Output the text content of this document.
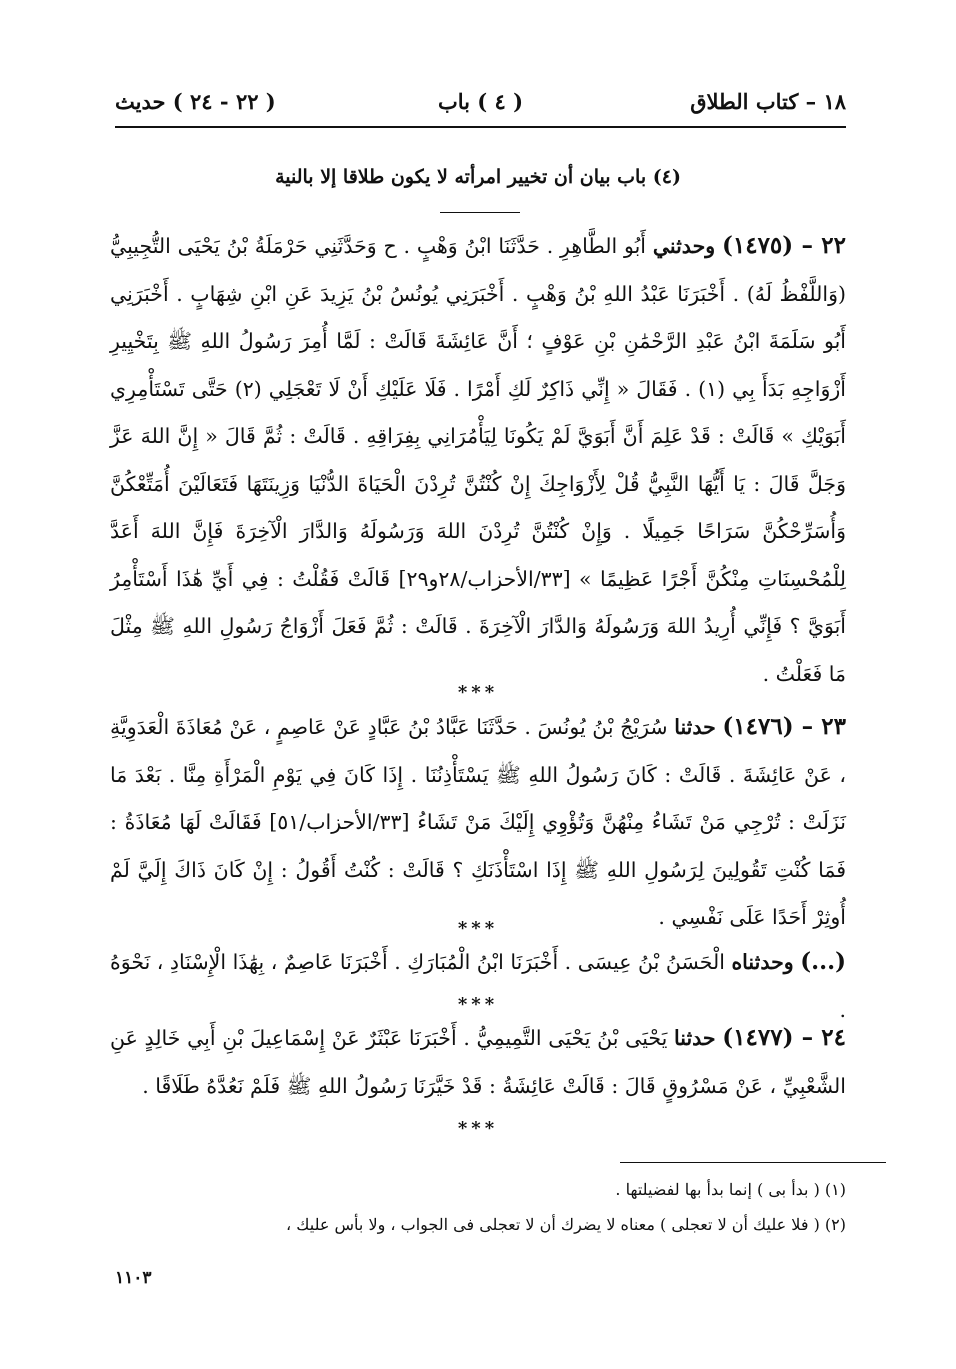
١٨ – كتاب الطلاق
( ٤ ) باب
( ٢٢ - ٢٤ ) حديث
(٤) باب بيان أن تخيير امرأته لا يكون طلاقا إلا بالنية
٢٢ – (١٤٧٥) وحدثني أَبُو الطَّاهِرِ . حَدَّثَنَا ابْنُ وَهْبٍ . ح وَحَدَّثَنِي حَرْمَلَةُ بْنُ يَحْيَى التُّجِيبِيُّ (وَاللَّفْظُ لَهُ) . أَخْبَرَنَا عَبْدُ اللهِ بْنُ وَهْبٍ . أَخْبَرَنِي يُونُسُ بْنُ يَزِيدَ عَنِ ابْنِ شِهَابٍ . أَخْبَرَنِي أَبُو سَلَمَةَ ابْنُ عَبْدِ الرَّحْمَٰنِ بْنِ عَوْفٍ ؛ أَنَّ عَائِشَةَ قَالَتْ : لَمَّا أُمِرَ رَسُولُ اللهِ ﷺ بِتَخْيِيرِ أَزْوَاجِهِ بَدَأَ بِي (١) . فَقَالَ « إِنِّي ذَاكِرٌ لَكِ أَمْرًا . فَلَا عَلَيْكِ أَنْ لَا تَعْجَلِي (٢) حَتَّى تَسْتَأْمِرِي أَبَوَيْكِ » قَالَتْ : قَدْ عَلِمَ أَنَّ أَبَوَيَّ لَمْ يَكُونَا لِيَأْمُرَانِي بِفِرَاقِهِ . قَالَتْ : ثُمَّ قَالَ « إِنَّ اللهَ عَزَّ وَجَلَّ قَالَ : يَا أَيُّهَا النَّبِيُّ قُلْ لِأَزْوَاجِكَ إِنْ كُنْتُنَّ تُرِدْنَ الْحَيَاةَ الدُّنْيَا وَزِينَتَهَا فَتَعَالَيْنَ أُمَتِّعْكُنَّ وَأُسَرِّحْكُنَّ سَرَاحًا جَمِيلًا . وَإِنْ كُنْتُنَّ تُرِدْنَ اللهَ وَرَسُولَهُ وَالدَّارَ الْآخِرَةَ فَإِنَّ اللهَ أَعَدَّ لِلْمُحْسِنَاتِ مِنْكُنَّ أَجْرًا عَظِيمًا » [٣٣/الأحزاب/٢٨و٢٩] قَالَتْ فَقُلْتُ : فِي أَيِّ هَٰذَا أَسْتَأْمِرُ أَبَوَيَّ ؟ فَإِنِّي أُرِيدُ اللهَ وَرَسُولَهُ وَالدَّارَ الْآخِرَةَ . قَالَتْ : ثُمَّ فَعَلَ أَزْوَاجُ رَسُولِ اللهِ ﷺ مِثْلَ مَا فَعَلْتُ .
***
٢٣ – (١٤٧٦) حدثنا سُرَيْجُ بْنُ يُونُسَ . حَدَّثَنَا عَبَّادُ بْنُ عَبَّادٍ عَنْ عَاصِمٍ ، عَنْ مُعَاذَةَ الْعَدَوِيَّةِ ، عَنْ عَائِشَةَ . قَالَتْ : كَانَ رَسُولُ اللهِ ﷺ يَسْتَأْذِنُنَا . إِذَا كَانَ فِي يَوْمِ الْمَرْأَةِ مِنَّا . بَعْدَ مَا نَزَلَتْ : تُرْجِي مَنْ تَشَاءُ مِنْهُنَّ وَتُؤْوِي إِلَيْكَ مَنْ تَشَاءُ [٣٣/الأحزاب/٥١] فَقَالَتْ لَهَا مُعَاذَةُ : فَمَا كُنْتِ تَقُولِينَ لِرَسُولِ اللهِ ﷺ إِذَا اسْتَأْذَنَكِ ؟ قَالَتْ : كُنْتُ أَقُولُ : إِنْ كَانَ ذَاكَ إِلَيَّ لَمْ أُوثِرْ أَحَدًا عَلَى نَفْسِي .
***
(...) وحدثناه الْحَسَنُ بْنُ عِيسَى . أَخْبَرَنَا ابْنُ الْمُبَارَكِ . أَخْبَرَنَا عَاصِمٌ ، بِهَٰذَا الْإِسْنَادِ ، نَحْوَهُ .
***
٢٤ – (١٤٧٧) حدثنا يَحْيَى بْنُ يَحْيَى التَّمِيمِيُّ . أَخْبَرَنَا عَبْثَرٌ عَنْ إِسْمَاعِيلَ بْنِ أَبِي خَالِدٍ عَنِ الشَّعْبِيِّ ، عَنْ مَسْرُوقٍ قَالَ : قَالَتْ عَائِشَةُ : قَدْ خَيَّرَنَا رَسُولُ اللهِ ﷺ فَلَمْ نَعُدَّهُ طَلَاقًا .
***

(١) ( بدأ بى ) إنما بدأ بها لفضيلتها .

(٢) ( فلا عليك أن لا تعجلى ) معناه لا يضرك أن لا تعجلى فى الجواب ، ولا بأس عليك ،

١١٠٣
